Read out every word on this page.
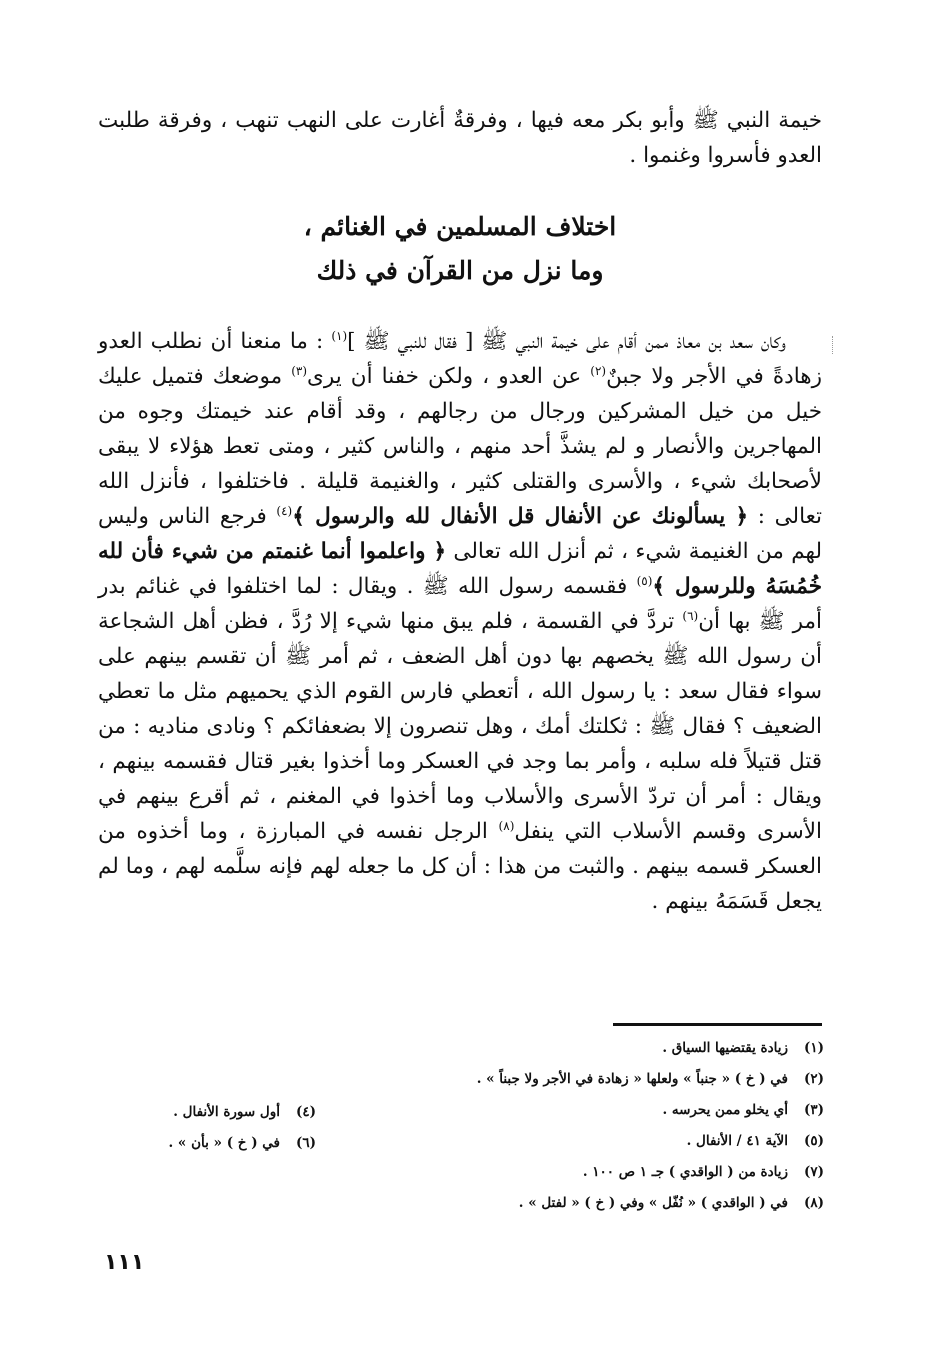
خيمة النبي ﷺ وأبو بكر معه فيها ، وفرقةٌ أغارت على النهب تنهب ، وفرقة طلبت العدو فأسروا وغنموا .

اختلاف المسلمين في الغنائم ،
وما نزل من القرآن في ذلك

وكان سعد بن معاذ ممن أقام على خيمة النبي ﷺ [ فقال للنبي ﷺ ]$^{(١)}$ : ما منعنا أن نطلب العدو زهادةً في الأجر ولا جبنٌ$^{(٢)}$ عن العدو ، ولكن خفنا أن يرى$^{(٣)}$ موضعك فتميل عليك خيل من خيل المشركين ورجال من رجالهم ، وقد أقام عند خيمتك وجوه من المهاجرين والأنصار و لم يشذَّ أحد منهم ، والناس كثير ، ومتى تعط هؤلاء لا يبقى لأصحابك شيء ، والأسرى والقتلى كثير ، والغنيمة قليلة . فاختلفوا ، فأنزل الله تعالى : ﴿ يسألونك عن الأنفال قل الأنفال لله والرسول ﴾$^{(٤)}$ فرجع الناس وليس لهم من الغنيمة شيء ، ثم أنزل الله تعالى ﴿ واعلموا أنما غنمتم من شيء فأن لله خُمُسَهُ وللرسول ﴾$^{(٥)}$ فقسمه رسول الله ﷺ . ويقال : لما اختلفوا في غنائم بدر أمر ﷺ بها أن$^{(٦)}$ تردَّ في القسمة ، فلم يبق منها شيء إلا رُدَّ ، فظن أهل الشجاعة أن رسول الله ﷺ يخصهم بها دون أهل الضعف ، ثم أمر ﷺ أن تقسم بينهم على سواء فقال سعد : يا رسول الله ، أتعطي فارس القوم الذي يحميهم مثل ما تعطي الضعيف ؟ فقال ﷺ : ثكلتك أمك ، وهل تنصرون إلا بضعفائكم ؟ ونادى مناديه : من قتل قتيلاً فله سلبه ، وأمر بما وجد في العسكر وما أخذوا بغير قتال فقسمه بينهم ، ويقال : أمر أن تردّ الأسرى والأسلاب وما أخذوا في المغنم ، ثم أقرع بينهم في الأسرى وقسم الأسلاب التي ينفل$^{(٨)}$ الرجل نفسه في المبارزة ، وما أخذوه من العسكر قسمه بينهم . والثبت من هذا : أن كل ما جعله لهم فإنه سلَّمه لهم ، وما لم يجعل قَسَمَهُ بينهم .

(١)زيادة يقتضيها السياق .
(٢)في ( خ ) « جنباً » ولعلها « زهادة في الأجر ولا جبناً » .
(٣)أي يخلو ممن يحرسه .
(٥)الآية ٤١ / الأنفال .
(٧)زيادة من ( الواقدي ) جـ ١ ص ١٠٠ .
(٨)في ( الواقدي ) « نُفّل » وفي ( خ ) « لفتل » .
(٤)أول سورة الأنفال .
(٦)في ( خ ) « بأن » .
١١١
